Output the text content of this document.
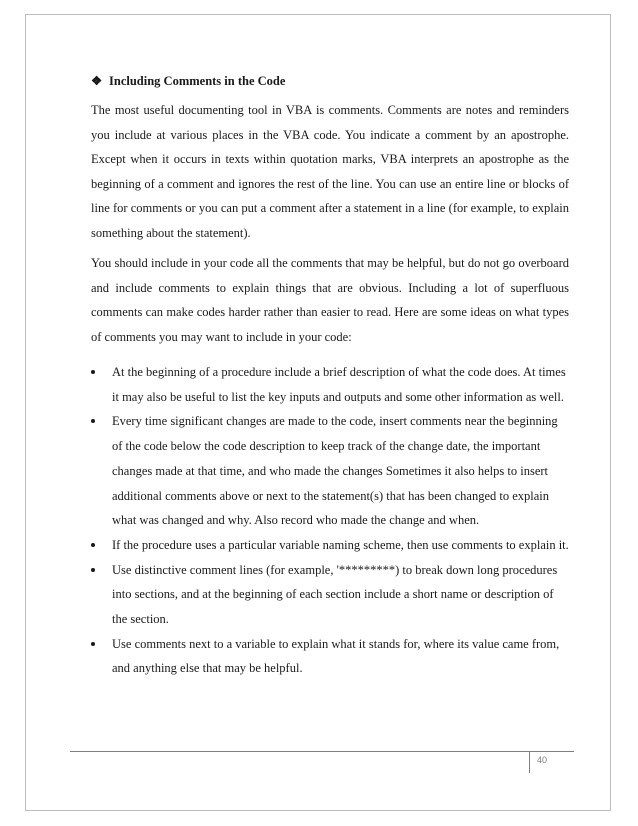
❖ Including Comments in the Code

The most useful documenting tool in VBA is comments. Comments are notes and reminders you include at various places in the VBA code. You indicate a comment by an apostrophe. Except when it occurs in texts within quotation marks, VBA interprets an apostrophe as the beginning of a comment and ignores the rest of the line. You can use an entire line or blocks of line for comments or you can put a comment after a statement in a line (for example, to explain something about the statement).

You should include in your code all the comments that may be helpful, but do not go overboard and include comments to explain things that are obvious. Including a lot of superfluous comments can make codes harder rather than easier to read. Here are some ideas on what types of comments you may want to include in your code:

At the beginning of a procedure include a brief description of what the code does. At times it may also be useful to list the key inputs and outputs and some other information as well.
Every time significant changes are made to the code, insert comments near the beginning of the code below the code description to keep track of the change date, the important changes made at that time, and who made the changes Sometimes it also helps to insert additional comments above or next to the statement(s) that has been changed to explain what was changed and why. Also record who made the change and when.
If the procedure uses a particular variable naming scheme, then use comments to explain it.
Use distinctive comment lines (for example, '*********) to break down long procedures into sections, and at the beginning of each section include a short name or description of the section.
Use comments next to a variable to explain what it stands for, where its value came from, and anything else that may be helpful.
40
